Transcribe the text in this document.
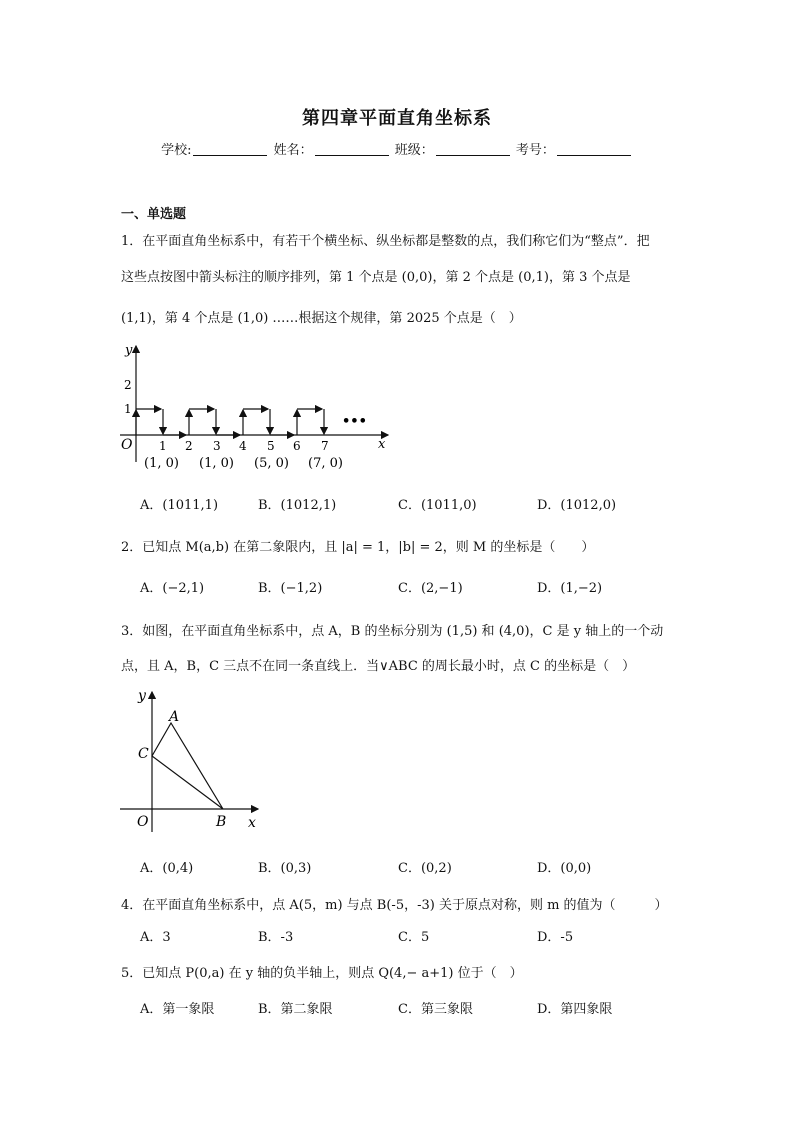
第四章平面直角坐标系
学校:	姓名：	班级：	考号：
一、单选题
1．在平面直角坐标系中，有若干个横坐标、纵坐标都是整数的点，我们称它们为“整点”．把
这些点按图中箭头标注的顺序排列，第 1 个点是 (0,0)，第 2 个点是 (0,1)，第 3 个点是
(1,1)，第 4 个点是 (1,0) ……根据这个规律，第 2025 个点是（　）
x
y
O
1
2
1 2 3 4 5 6 7
•••
(1, 0) (1, 0) (5, 0) (7, 0)
A．(1011,1)	B．(1012,1)	C．(1011,0)	D．(1012,0)
2．已知点 M(a,b) 在第二象限内，且 |a| = 1，|b| = 2，则 M 的坐标是（　　）
A．(−2,1)	B．(−1,2)	C．(2,−1)	D．(1,−2)
3．如图，在平面直角坐标系中，点 A，B 的坐标分别为 (1,5) 和 (4,0)，C 是 y 轴上的一个动
点，且 A，B，C 三点不在同一条直线上．当∨ABC 的周长最小时，点 C 的坐标是（　）
y
x
O
A
B
C
A．(0,4)	B．(0,3)	C．(0,2)	D．(0,0)
4．在平面直角坐标系中，点 A(5，m) 与点 B(-5，-3) 关于原点对称，则 m 的值为（　　　）
A．3	B．-3	C．5	D．-5
5．已知点 P(0,a) 在 y 轴的负半轴上，则点 Q(4,− a+1) 位于（　）
A．第一象限	B．第二象限	C．第三象限	D．第四象限
